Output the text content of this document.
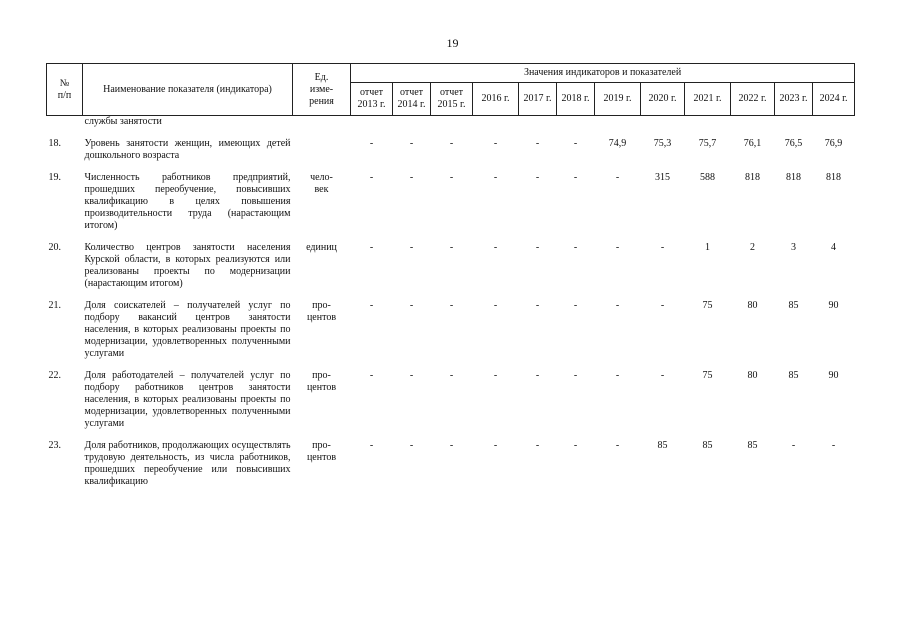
19
№
п/п	Наименование показателя (индикатора)	Ед.
изме-
рения	Значения индикаторов и показателей											

			отчет
2013 г.	отчет
2014 г.	отчет
2015 г.	2016 г.	2017 г.	2018 г.	2019 г.	2020 г.	2021 г.	2022 г.	2023 г.	2024 г.

	службы занятости													

18.	Уровень занятости женщин, имеющих детей дошкольного возраста		-	-	-	-	-	-	74,9	75,3	75,7	76,1	76,5	76,9

19.	Численность работников предприятий, прошедших переобучение, повысивших квалификацию в целях повышения производительности труда (нарастающим итогом)	чело-
век	-	-	-	-	-	-	-	315	588	818	818	818

20.	Количество центров занятости населения Курской области, в которых реализуются или реализованы проекты по модернизации (нарастающим итогом)	единиц	-	-	-	-	-	-	-	-	1	2	3	4

21.	Доля соискателей – получателей услуг по подбору вакансий центров занятости населения, в которых реализованы проекты по модернизации, удовлетворенных полученными услугами	про-
центов	-	-	-	-	-	-	-	-	75	80	85	90

22.	Доля работодателей – получателей услуг по подбору работников центров занятости населения, в которых реализованы проекты по модернизации, удовлетворенных полученными услугами	про-
центов	-	-	-	-	-	-	-	-	75	80	85	90

23.	Доля работников, продолжающих осуществлять трудовую деятельность, из числа работников, прошедших переобучение или повысивших квалификацию	про-
центов	-	-	-	-	-	-	-	85	85	85	-	-
